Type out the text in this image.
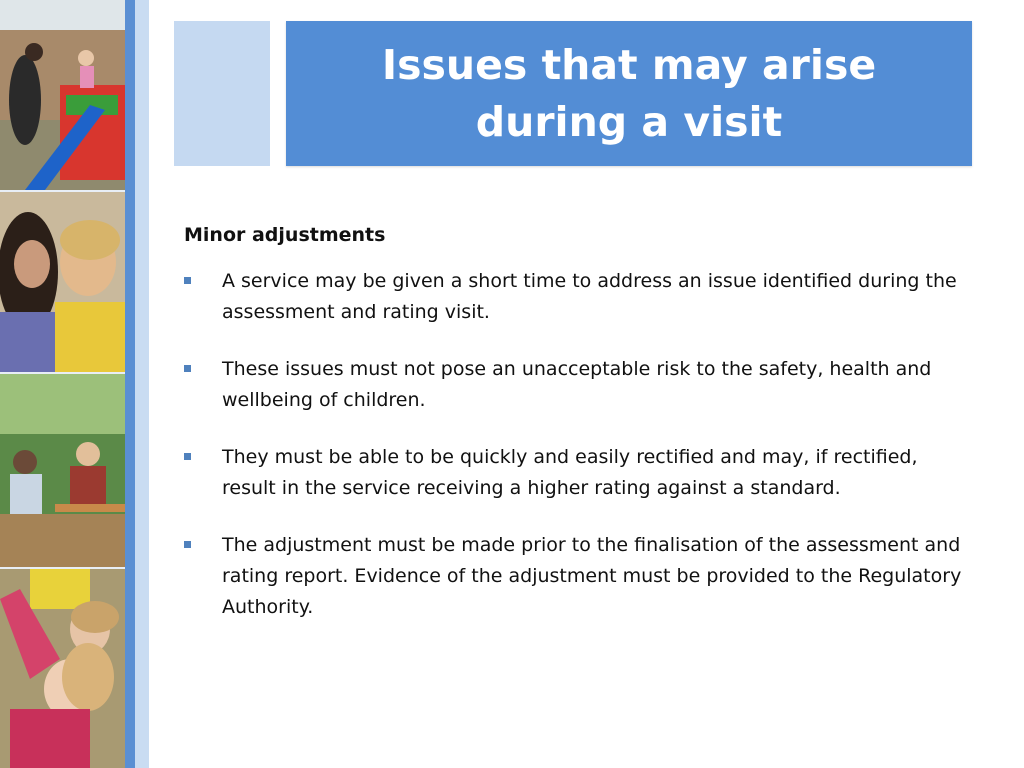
Issues that may arise during a visit
Minor adjustments
A service may be given a short time to address an issue identified during the assessment and rating visit.
These issues must not pose an unacceptable risk to the safety, health and wellbeing of children.
They must be able to be quickly and easily rectified and may, if rectified, result in the service receiving a higher rating against a standard.
The adjustment must be made prior to the finalisation of the assessment and rating report. Evidence of the adjustment must be provided to the Regulatory Authority.
